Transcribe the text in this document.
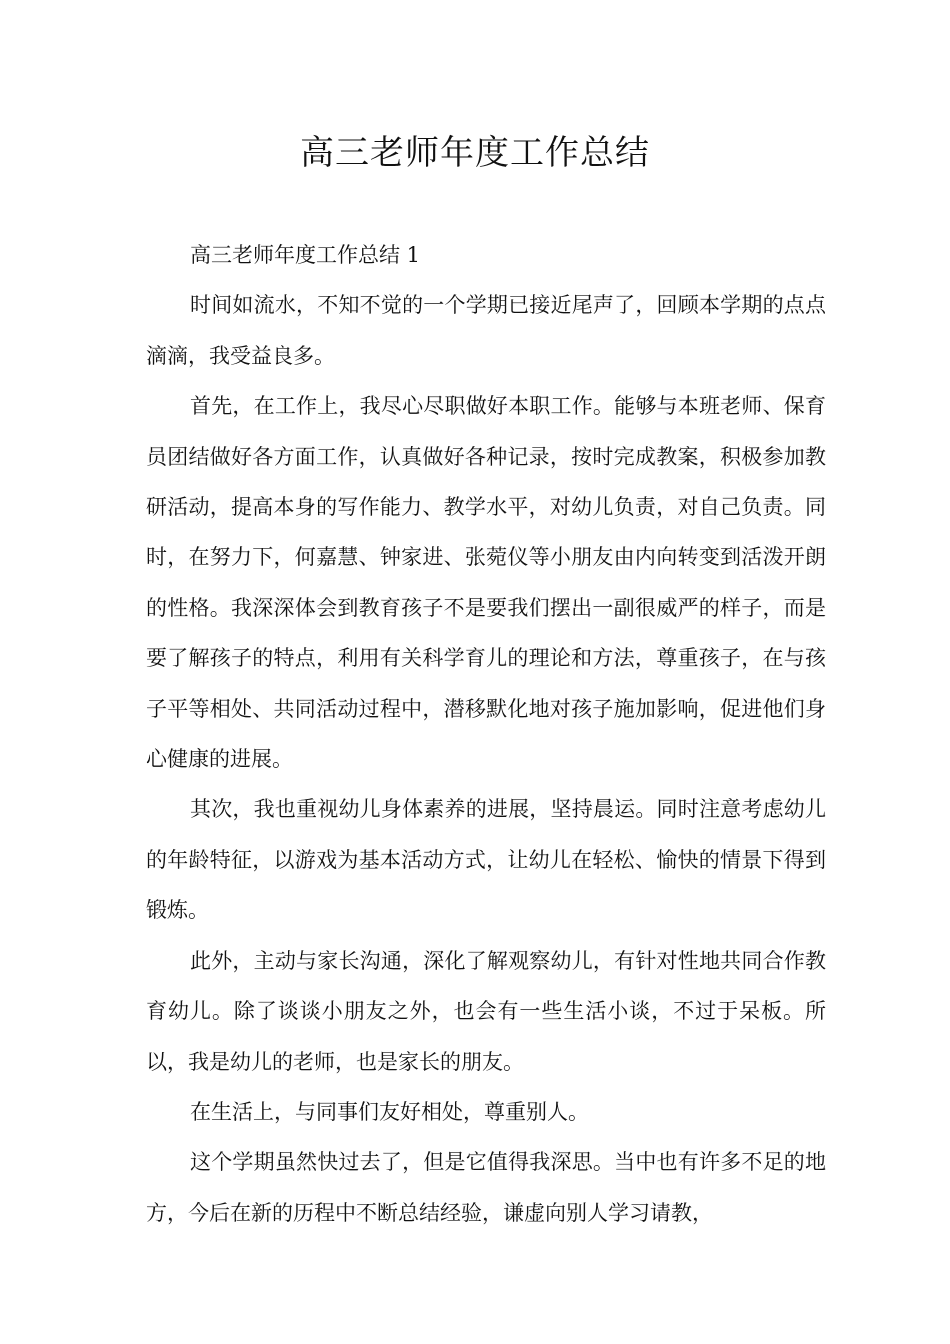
高三老师年度工作总结

高三老师年度工作总结 1

时间如流水，不知不觉的一个学期已接近尾声了，回顾本学期的点点滴滴，我受益良多。

首先，在工作上，我尽心尽职做好本职工作。能够与本班老师、保育员团结做好各方面工作，认真做好各种记录，按时完成教案，积极参加教研活动，提高本身的写作能力、教学水平，对幼儿负责，对自己负责。同时，在努力下，何嘉慧、钟家进、张菀仪等小朋友由内向转变到活泼开朗的性格。我深深体会到教育孩子不是要我们摆出一副很威严的样子，而是要了解孩子的特点，利用有关科学育儿的理论和方法，尊重孩子，在与孩子平等相处、共同活动过程中，潜移默化地对孩子施加影响，促进他们身心健康的进展。

其次，我也重视幼儿身体素养的进展，坚持晨运。同时注意考虑幼儿的年龄特征，以游戏为基本活动方式，让幼儿在轻松、愉快的情景下得到锻炼。

此外，主动与家长沟通，深化了解观察幼儿，有针对性地共同合作教育幼儿。除了谈谈小朋友之外，也会有一些生活小谈，不过于呆板。所以，我是幼儿的老师，也是家长的朋友。

在生活上，与同事们友好相处，尊重别人。

这个学期虽然快过去了，但是它值得我深思。当中也有许多不足的地方，今后在新的历程中不断总结经验，谦虚向别人学习请教，
